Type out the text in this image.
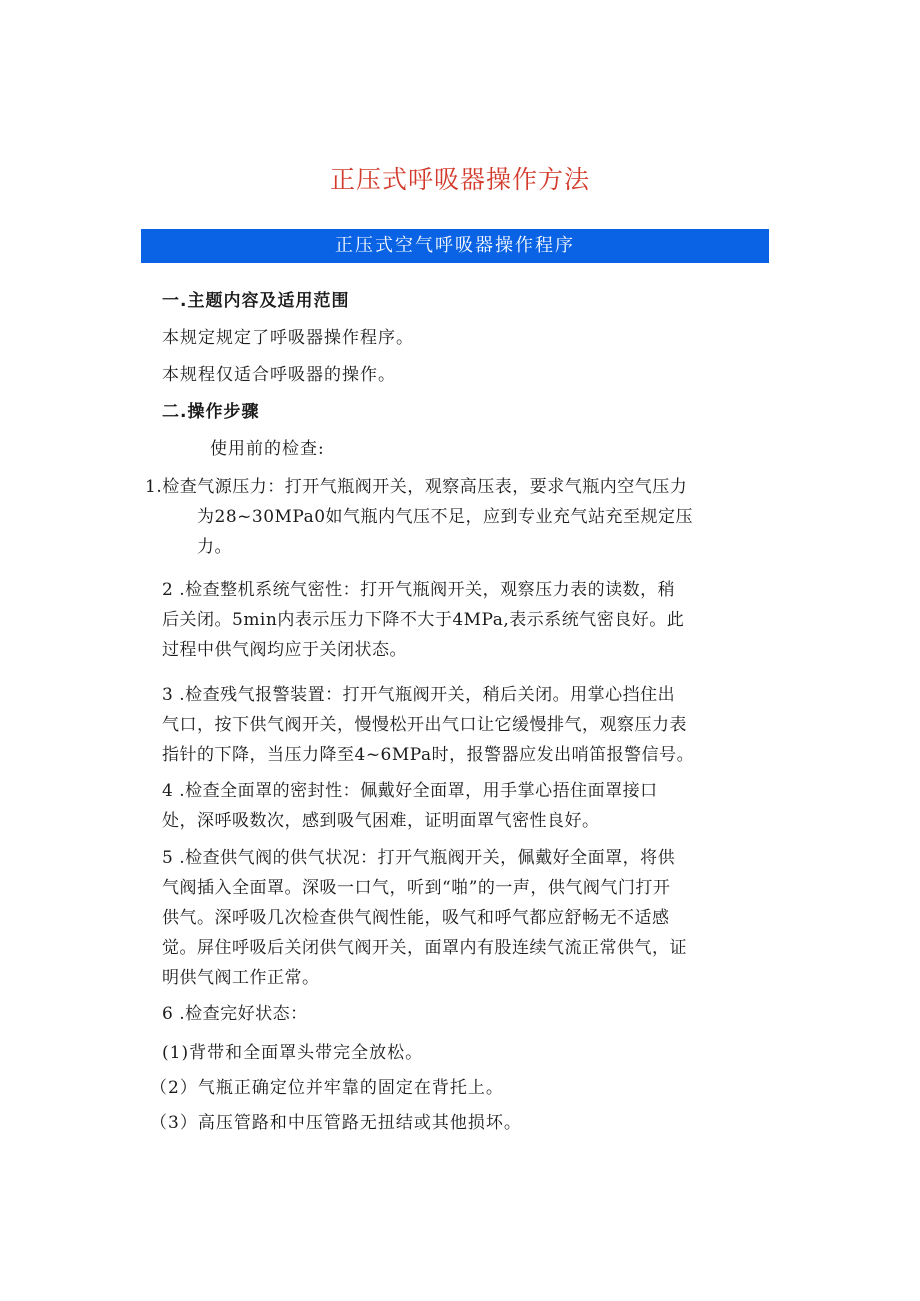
正压式呼吸器操作方法
正压式空气呼吸器操作程序
一.主题内容及适用范围
本规定规定了呼吸器操作程序。
本规程仅适合呼吸器的操作。
二.操作步骤
使用前的检查:
1.检查气源压力：打开气瓶阀开关，观察高压表，要求气瓶内空气压力
为28~30MPa0如气瓶内气压不足，应到专业充气站充至规定压
力。
2 .检查整机系统气密性：打开气瓶阀开关，观察压力表的读数，稍
后关闭。5min内表示压力下降不大于4MPa,表示系统气密良好。此
过程中供气阀均应于关闭状态。
3 .检查残气报警装置：打开气瓶阀开关，稍后关闭。用掌心挡住出
气口，按下供气阀开关，慢慢松开出气口让它缓慢排气，观察压力表
指针的下降，当压力降至4~6MPa时，报警器应发出哨笛报警信号。
4 .检查全面罩的密封性：佩戴好全面罩，用手掌心捂住面罩接口
处，深呼吸数次，感到吸气困难，证明面罩气密性良好。
5 .检查供气阀的供气状况：打开气瓶阀开关，佩戴好全面罩，将供
气阀插入全面罩。深吸一口气，听到“啪”的一声，供气阀气门打开
供气。深呼吸几次检查供气阀性能，吸气和呼气都应舒畅无不适感
觉。屏住呼吸后关闭供气阀开关，面罩内有股连续气流正常供气，证
明供气阀工作正常。
6 .检查完好状态：
(1)背带和全面罩头带完全放松。
（2）气瓶正确定位并牢靠的固定在背托上。
（3）高压管路和中压管路无扭结或其他损坏。
